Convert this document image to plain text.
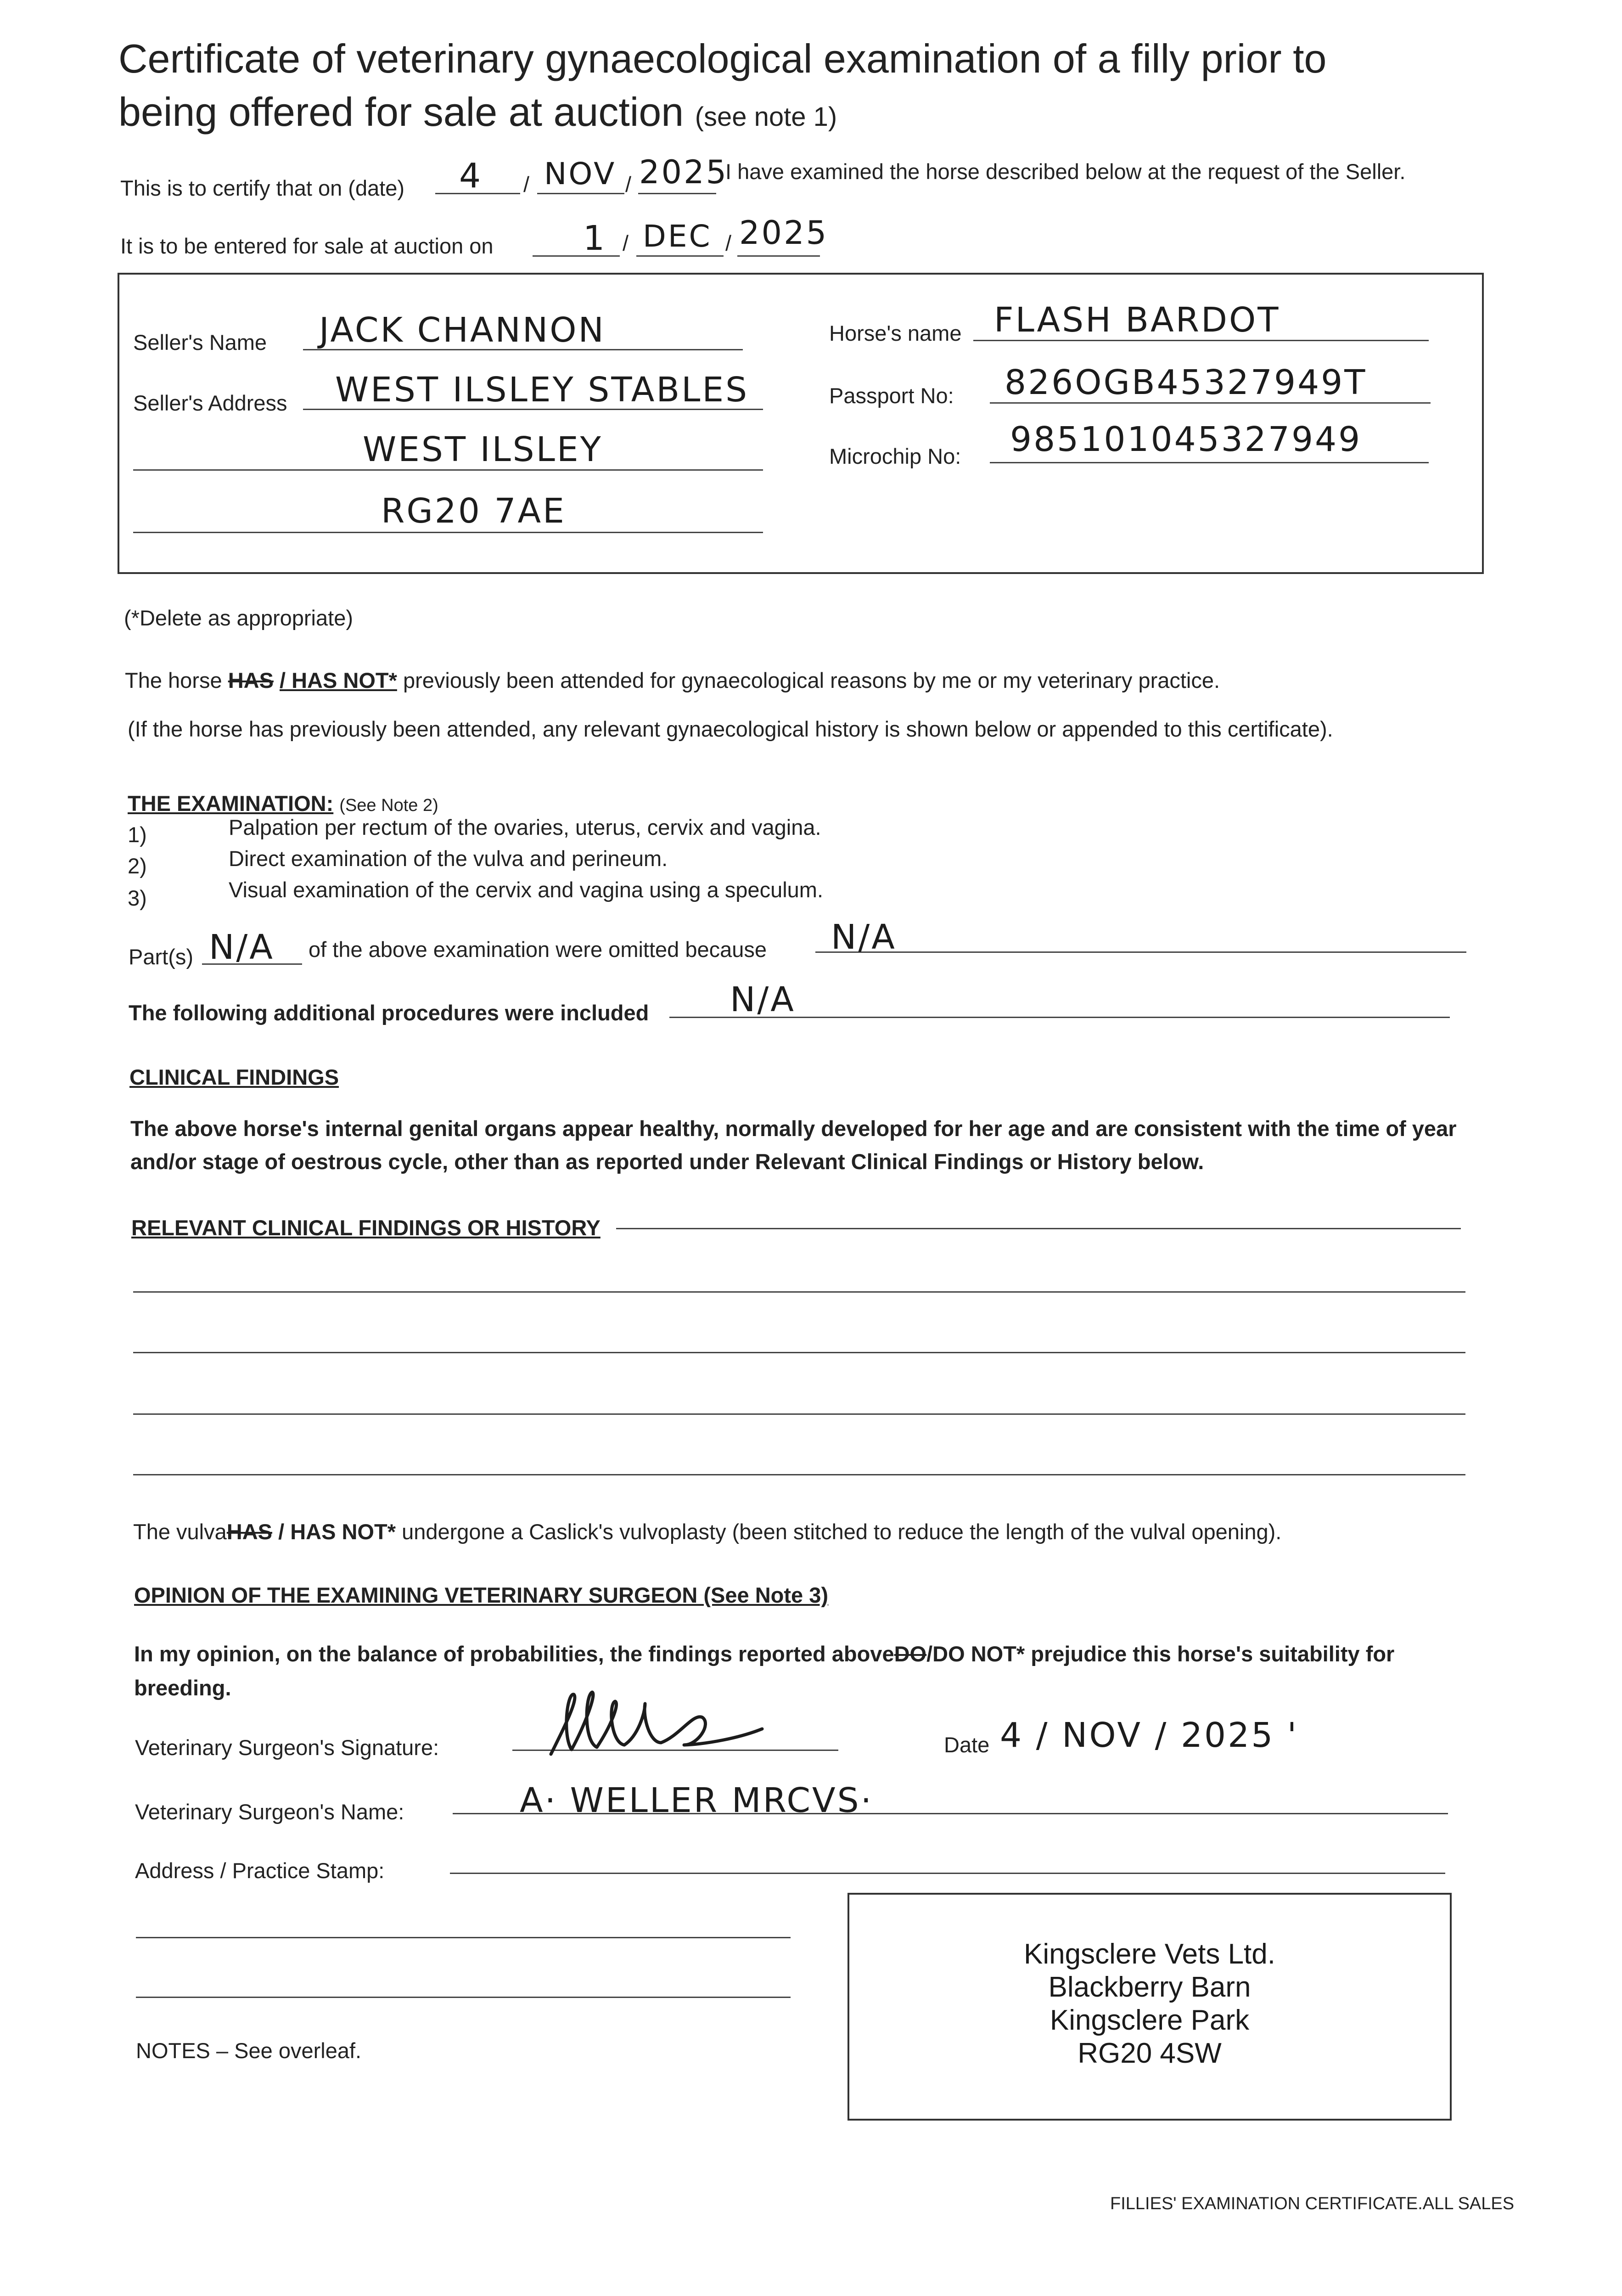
Certificate of veterinary gynaecological examination of a filly prior to
being offered for sale at auction (see note 1)
This is to certify that on (date) 4 / NOV / 2025
I have examined the horse described below at the request of the Seller.
It is to be entered for sale at auction on	1 / DEC / 2025
Seller's Name JACK CHANNON
Seller's Address WEST ILSLEY STABLES
WEST ILSLEY
RG20 7AE
Horse's name FLASH BARDOT
Passport No: 826OGB45327949T
Microchip No: 985101045327949
(*Delete as appropriate)
The horse HAS / HAS NOT* previously been attended for gynaecological reasons by me or my veterinary practice.
(If the horse has previously been attended, any relevant gynaecological history is shown below or appended to this certificate).
THE EXAMINATION: (See Note 2)
1)	Palpation per rectum of the ovaries, uterus, cervix and vagina.
2)	Direct examination of the vulva and perineum.
3)	Visual examination of the cervix and vagina using a speculum.
Part(s) N/A of the above examination were omitted because N/A
The following additional procedures were included N/A
CLINICAL FINDINGS
The above horse's internal genital organs appear healthy, normally developed for her age and are consistent with the time of year
and/or stage of oestrous cycle, other than as reported under Relevant Clinical Findings or History below.
RELEVANT CLINICAL FINDINGS OR HISTORY
The vulvaHAS / HAS NOT* undergone a Caslick's vulvoplasty (been stitched to reduce the length of the vulval opening).
OPINION OF THE EXAMINING VETERINARY SURGEON (See Note 3)
In my opinion, on the balance of probabilities, the findings reported aboveDO/DO NOT* prejudice this horse's suitability for
breeding.
Veterinary Surgeon's Signature:	Date 4 / NOV / 2025 '
Veterinary Surgeon's Name:	A· WELLER MRCVS·
Address / Practice Stamp:
Kingsclere Vets Ltd.
Blackberry Barn
Kingsclere Park
RG20 4SW
NOTES – See overleaf.
FILLIES' EXAMINATION CERTIFICATE.ALL SALES
